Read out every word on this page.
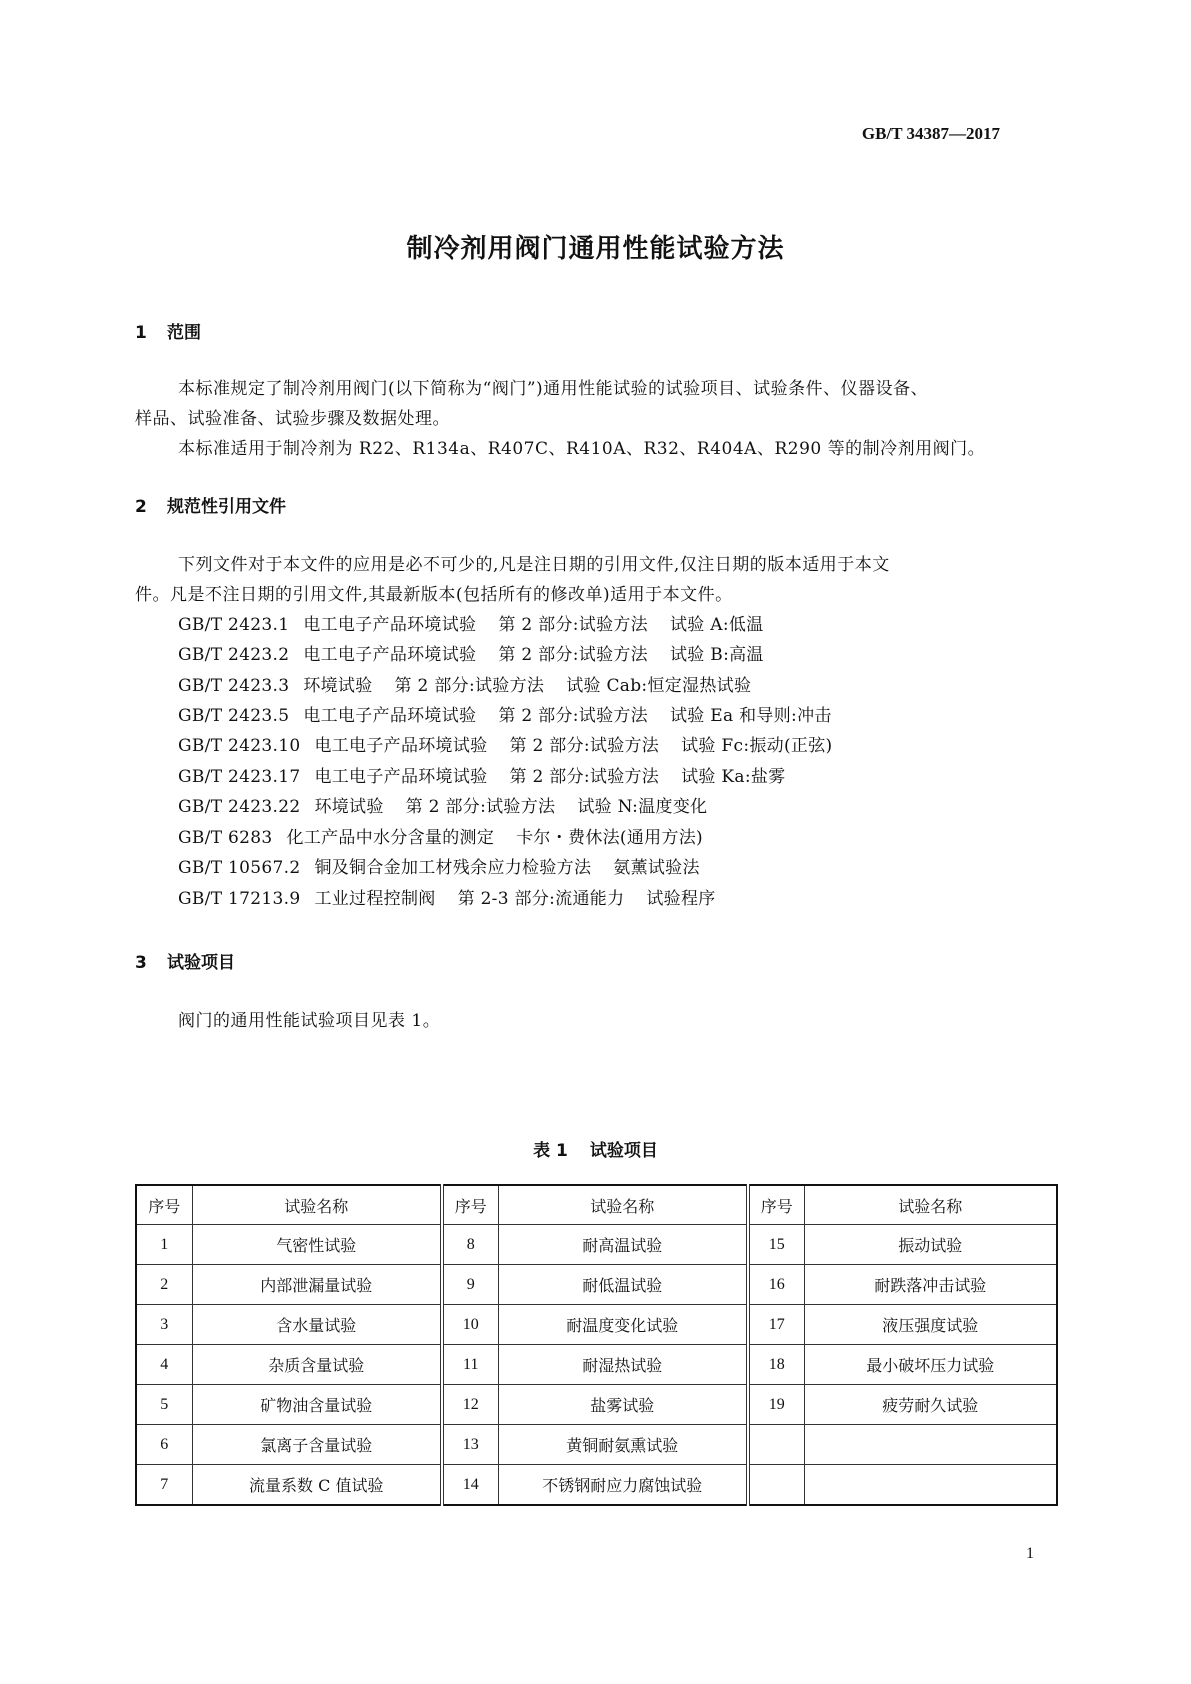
GB/T 34387—2017
制冷剂用阀门通用性能试验方法
1 范围
本标准规定了制冷剂用阀门(以下简称为“阀门”)通用性能试验的试验项目、试验条件、仪器设备、
样品、试验准备、试验步骤及数据处理。
本标准适用于制冷剂为 R22、R134a、R407C、R410A、R32、R404A、R290 等的制冷剂用阀门。
2 规范性引用文件
下列文件对于本文件的应用是必不可少的,凡是注日期的引用文件,仅注日期的版本适用于本文
件。凡是不注日期的引用文件,其最新版本(包括所有的修改单)适用于本文件。
GB/T 2423.1 电工电子产品环境试验 第 2 部分:试验方法 试验 A:低温
GB/T 2423.2 电工电子产品环境试验 第 2 部分:试验方法 试验 B:高温
GB/T 2423.3 环境试验 第 2 部分:试验方法 试验 Cab:恒定湿热试验
GB/T 2423.5 电工电子产品环境试验 第 2 部分:试验方法 试验 Ea 和导则:冲击
GB/T 2423.10 电工电子产品环境试验 第 2 部分:试验方法 试验 Fc:振动(正弦)
GB/T 2423.17 电工电子产品环境试验 第 2 部分:试验方法 试验 Ka:盐雾
GB/T 2423.22 环境试验 第 2 部分:试验方法 试验 N:温度变化
GB/T 6283 化工产品中水分含量的测定 卡尔・费休法(通用方法)
GB/T 10567.2 铜及铜合金加工材残余应力检验方法 氨薰试验法
GB/T 17213.9 工业过程控制阀 第 2-3 部分:流通能力 试验程序
3 试验项目
阀门的通用性能试验项目见表 1。
表 1 试验项目
序号	试验名称	序号	试验名称	序号	试验名称
1	气密性试验	8	耐高温试验	15	振动试验
2	内部泄漏量试验	9	耐低温试验	16	耐跌落冲击试验
3	含水量试验	10	耐温度变化试验	17	液压强度试验
4	杂质含量试验	11	耐湿热试验	18	最小破坏压力试验
5	矿物油含量试验	12	盐雾试验	19	疲劳耐久试验
6	氯离子含量试验	13	黄铜耐氨熏试验		
7	流量系数 C 值试验	14	不锈钢耐应力腐蚀试验		
1
